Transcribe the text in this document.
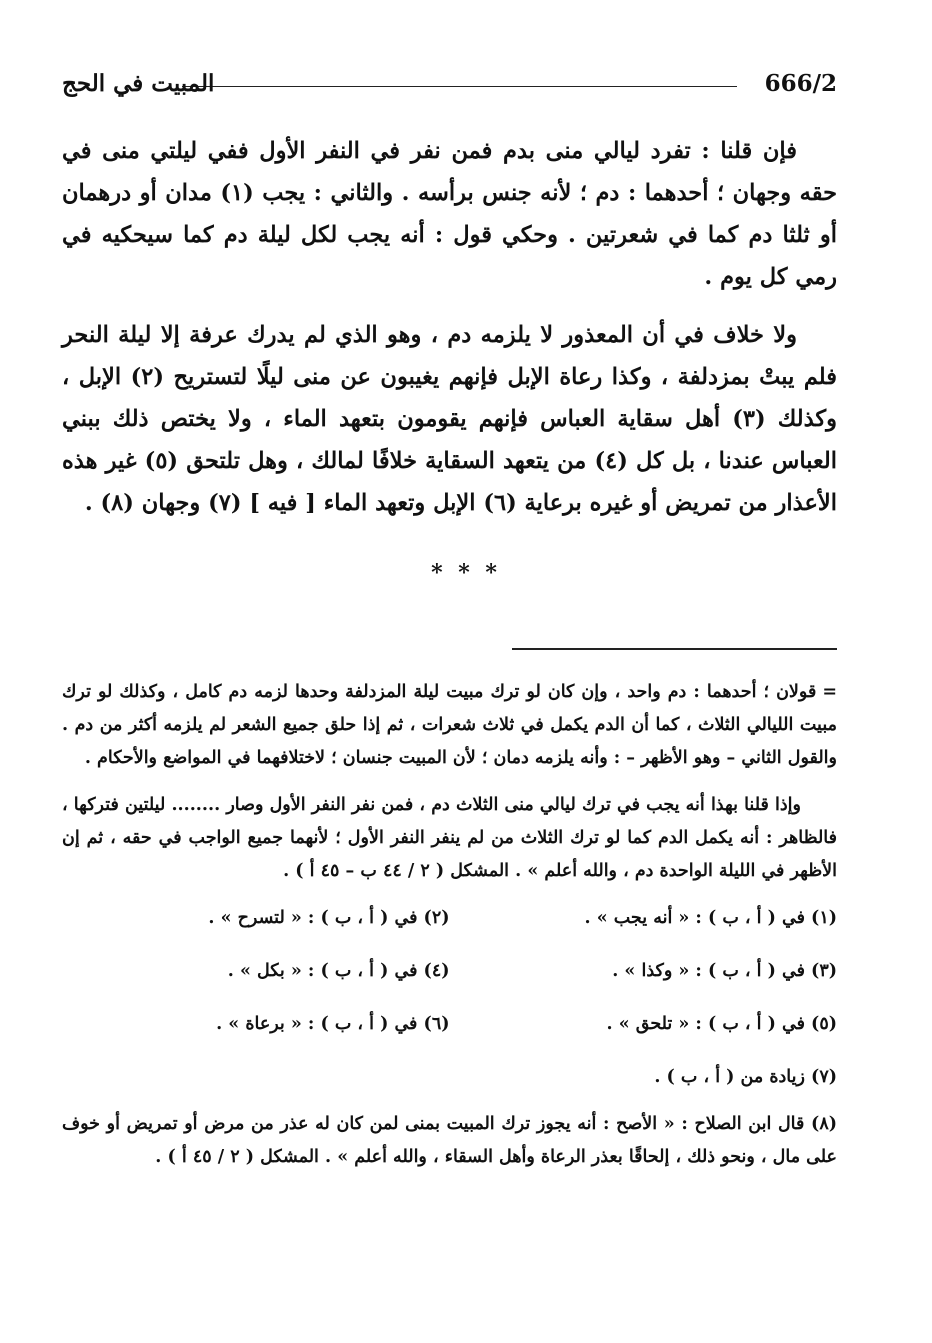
666/2
المبيت في الحج

فإن قلنا : تفرد ليالي منى بدم فمن نفر في النفر الأول ففي ليلتي منى في حقه وجهان ؛ أحدهما : دم ؛ لأنه جنس برأسه . والثاني : يجب (١) مدان أو درهمان أو ثلثا دم كما في شعرتين . وحكي قول : أنه يجب لكل ليلة دم كما سيحكيه في رمي كل يوم .

ولا خلاف في أن المعذور لا يلزمه دم ، وهو الذي لم يدرك عرفة إلا ليلة النحر فلم يبتْ بمزدلفة ، وكذا رعاة الإبل فإنهم يغيبون عن منى ليلًا لتستريح (٢) الإبل ، وكذلك (٣) أهل سقاية العباس فإنهم يقومون بتعهد الماء ، ولا يختص ذلك ببني العباس عندنا ، بل كل (٤) من يتعهد السقاية خلافًا لمالك ، وهل تلتحق (٥) غير هذه الأعذار من تمريض أو غيره برعاية (٦) الإبل وتعهد الماء [ فيه ] (٧) وجهان (٨) .

* * *

= قولان ؛ أحدهما : دم واحد ، وإن كان لو ترك مبيت ليلة المزدلفة وحدها لزمه دم كامل ، وكذلك لو ترك مبيت الليالي الثلاث ، كما أن الدم يكمل في ثلاث شعرات ، ثم إذا حلق جميع الشعر لم يلزمه أكثر من دم . والقول الثاني – وهو الأظهر – : وأنه يلزمه دمان ؛ لأن المبيت جنسان ؛ لاختلافهما في المواضع والأحكام .

وإذا قلنا بهذا أنه يجب في ترك ليالي منى الثلاث دم ، فمن نفر النفر الأول وصار ........ ليلتين فتركها ، فالظاهر : أنه يكمل الدم كما لو ترك الثلاث من لم ينفر النفر الأول ؛ لأنهما جميع الواجب في حقه ، ثم إن الأظهر في الليلة الواحدة دم ، والله أعلم » . المشكل ( ٢ / ٤٤ ب – ٤٥ أ ) .

(١) في ( أ ، ب ) : « أنه يجب » .
(٢) في ( أ ، ب ) : « لتسرح » .
(٣) في ( أ ، ب ) : « وكذا » .
(٤) في ( أ ، ب ) : « بكل » .
(٥) في ( أ ، ب ) : « تلحق » .
(٦) في ( أ ، ب ) : « برعاة » .

(٧) زيادة من ( أ ، ب ) .

(٨) قال ابن الصلاح : « الأصح : أنه يجوز ترك المبيت بمنى لمن كان له عذر من مرض أو تمريض أو خوف على مال ، ونحو ذلك ، إلحاقًا بعذر الرعاة وأهل السقاء ، والله أعلم » . المشكل ( ٢ / ٤٥ أ ) .
